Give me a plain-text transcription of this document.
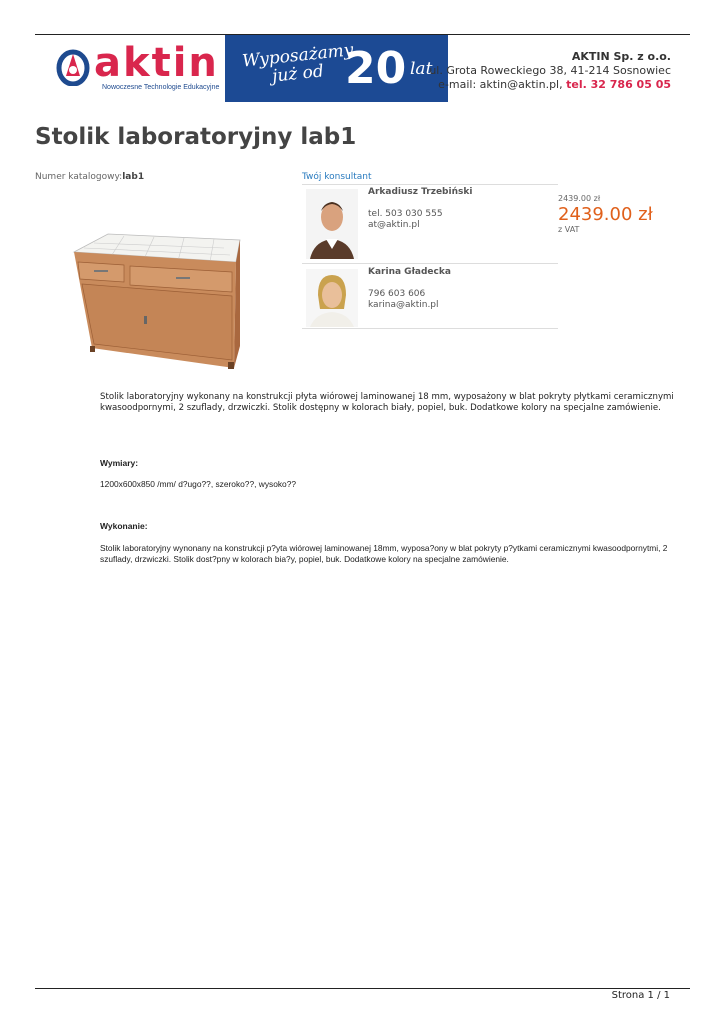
aktin
Nowoczesne Technologie Edukacyjne
Wyposażamy już od 20 lat
AKTIN Sp. z o.o.
ul. Grota Roweckiego 38, 41-214 Sosnowiec
e-mail: aktin@aktin.pl, tel. 32 786 05 05
Stolik laboratoryjny lab1
Numer katalogowy:lab1	Twój konsultant
Arkadiusz Trzebiński
tel. 503 030 555
at@aktin.pl
Karina Gładecka
796 603 606
karina@aktin.pl
2439.00 zł
2439.00 zł
z VAT
Stolik laboratoryjny wykonany na konstrukcji płyta wiórowej laminowanej 18 mm, wyposażony w blat pokryty płytkami ceramicznymi kwasoodpornymi, 2 szuflady, drzwiczki. Stolik dostępny w kolorach biały, popiel, buk. Dodatkowe kolory na specjalne zamówienie.
Wymiary:
1200x600x850 /mm/ d?ugo??, szeroko??, wysoko??
Wykonanie:
Stolik laboratoryjny wynonany na konstrukcji p?yta wiórowej laminowanej 18mm, wyposa?ony w blat pokryty p?ytkami ceramicznymi kwasoodpornytmi, 2 szuflady, drzwiczki. Stolik dost?pny w kolorach bia?y, popiel, buk. Dodatkowe kolory na specjalne zamówienie.
Strona 1 / 1
